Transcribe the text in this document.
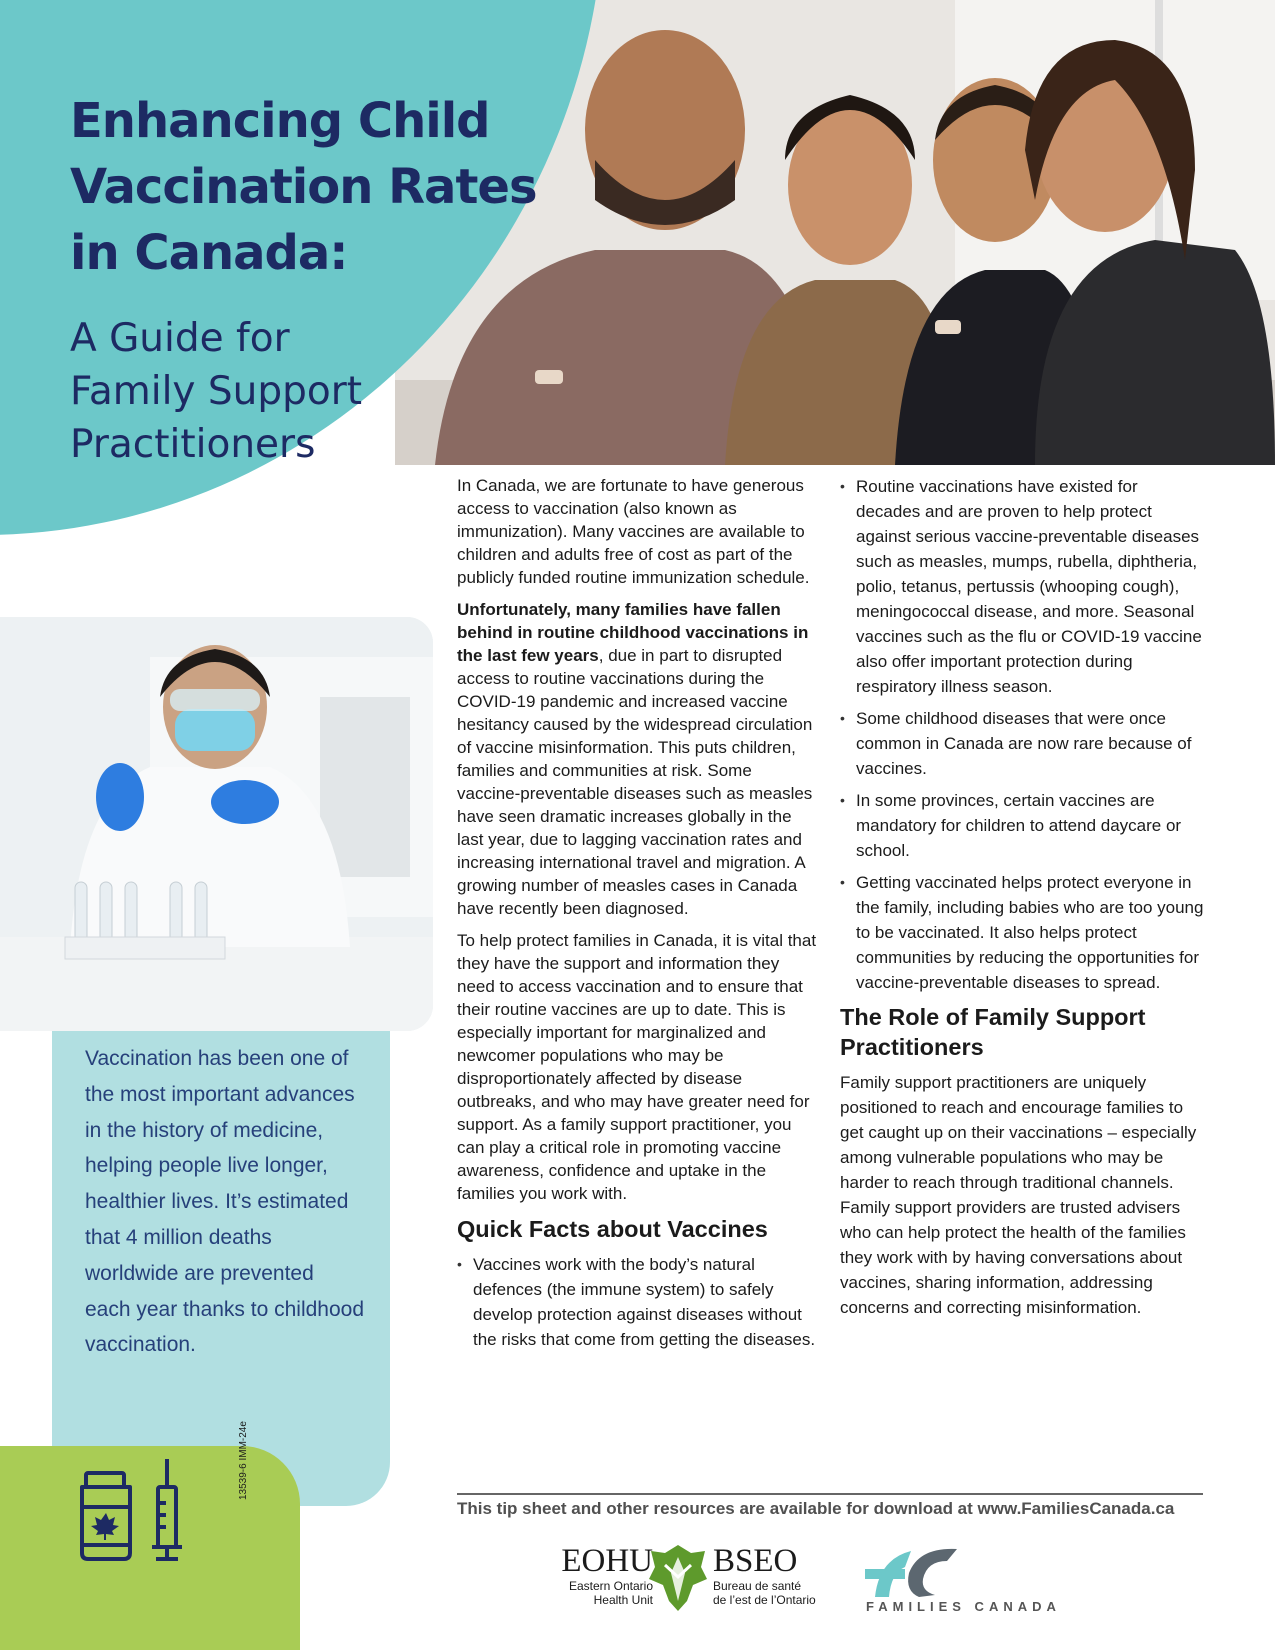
Enhancing Child
Vaccination Rates
in Canada:
A Guide for
Family Support
Practitioners
Vaccination has been one of the most important advances in the history of medicine, helping people live longer, healthier lives. It’s estimated that 4 million deaths worldwide are prevented each year thanks to childhood vaccination.
13539-6 IMM-24e

In Canada, we are fortunate to have generous access to vaccination (also known as immunization). Many vaccines are available to children and adults free of cost as part of the publicly funded routine immunization schedule.

Unfortunately, many families have fallen behind in routine childhood vaccinations in the last few years, due in part to disrupted access to routine vaccinations during the COVID-19 pandemic and increased vaccine hesitancy caused by the widespread circulation of vaccine misinformation. This puts children, families and communities at risk. Some vaccine-preventable diseases such as measles have seen dramatic increases globally in the last year, due to lagging vaccination rates and increasing international travel and migration. A growing number of measles cases in Canada have recently been diagnosed.

To help protect families in Canada, it is vital that they have the support and information they need to access vaccination and to ensure that their routine vaccines are up to date. This is especially important for marginalized and newcomer populations who may be disproportionately affected by disease outbreaks, and who may have greater need for support. As a family support practitioner, you can play a critical role in promoting vaccine awareness, confidence and uptake in the families you work with.

Quick Facts about Vaccines
• Vaccines work with the body’s natural defences (the immune system) to safely develop protection against diseases without the risks that come from getting the diseases.
• Routine vaccinations have existed for decades and are proven to help protect against serious vaccine-preventable diseases such as measles, mumps, rubella, diphtheria, polio, tetanus, pertussis (whooping cough), meningococcal disease, and more. Seasonal vaccines such as the flu or COVID-19 vaccine also offer important protection during respiratory illness season.
• Some childhood diseases that were once common in Canada are now rare because of vaccines.
• In some provinces, certain vaccines are mandatory for children to attend daycare or school.
• Getting vaccinated helps protect everyone in the family, including babies who are too young to be vaccinated. It also helps protect communities by reducing the opportunities for vaccine-preventable diseases to spread.
The Role of Family Support Practitioners

Family support practitioners are uniquely positioned to reach and encourage families to get caught up on their vaccinations – especially among vulnerable populations who may be harder to reach through traditional channels. Family support providers are trusted advisers who can help protect the health of the families they work with by having conversations about vaccines, sharing information, addressing concerns and correcting misinformation.

This tip sheet and other resources are available for download at www.FamiliesCanada.ca
EOHU
Eastern Ontario
Health Unit
BSEO
Bureau de santé
de l’est de l’Ontario	FAMILIES CANADA
